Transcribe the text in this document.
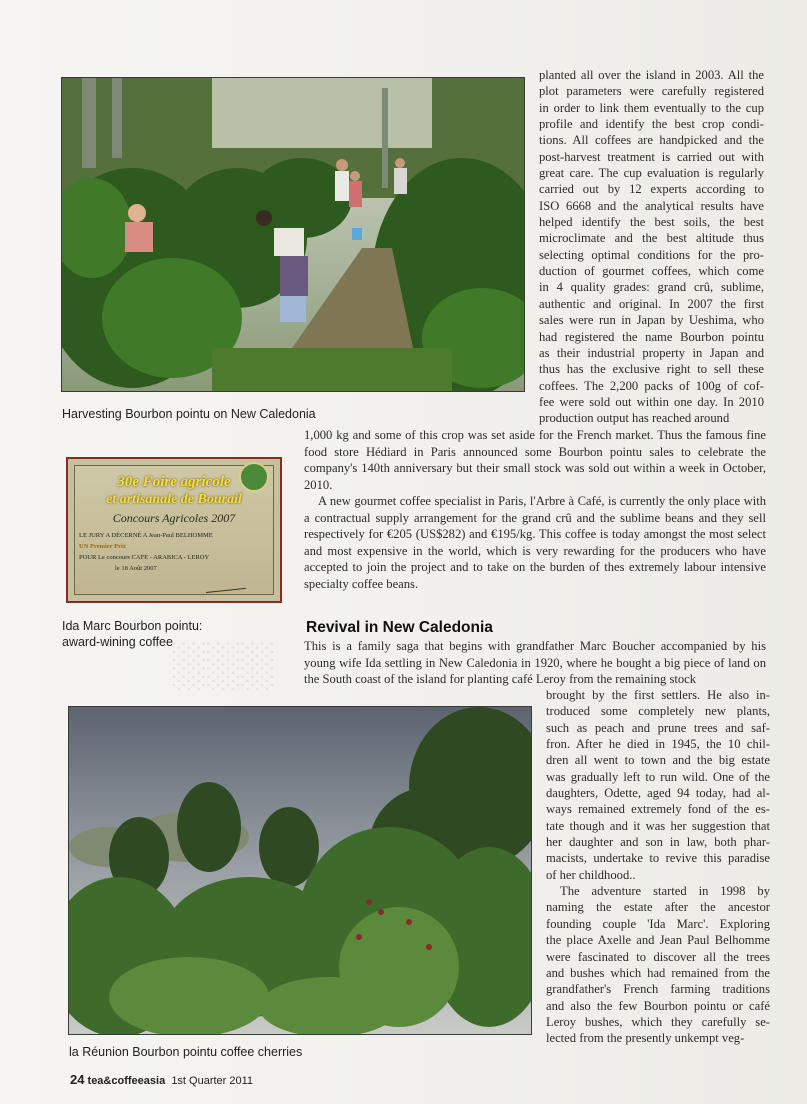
░░░
Harvesting Bourbon pointu on New Caledonia
planted all over the island in 2003. All the
plot parameters were carefully registered
in order to link them eventually to the cup
profile and identify the best crop condi-
tions. All coffees are handpicked and the
post-harvest treatment is carried out with
great care. The cup evaluation is regularly
carried out by 12 experts according to
ISO 6668 and the analytical results have
helped identify the best soils, the best
microclimate and the best altitude thus
selecting optimal conditions for the pro-
duction of gourmet coffees, which come
in 4 quality grades: grand crû, sublime,
authentic and original. In 2007 the first
sales were run in Japan by Ueshima, who
had registered the name Bourbon pointu
as their industrial property in Japan and
thus has the exclusive right to sell these
coffees. The 2,200 packs of 100g of cof-
fee were sold out within one day. In 2010
production output has reached around
30e Foire agricole
et artisanale de Bourail
Concours Agricoles 2007
LE JURY A DÉCERNÉ A Jean-Paul BELHOMME
UN Premier Prix
POUR Le concours CAFE - ARABICA - LEROY
le 18 Août 2007
Ida Marc Bourbon pointu:
award-wining coffee

1,000 kg and some of this crop was set aside for the French market. Thus the famous fine food store Hédiard in Paris announced some Bourbon pointu sales to celebrate the company's 140th anniversary but their small stock was sold out within a week in October, 2010.

A new gourmet coffee specialist in Paris, l'Arbre à Café, is currently the only place with a contractual supply arrangement for the grand crû and the sublime beans and they sell respectively for €205 (US$282) and €195/kg. This coffee is today amongst the most select and most expensive in the world, which is very rewarding for the producers who have accepted to join the project and to take on the burden of thes extremely labour intensive specialty coffee beans.

Revival in New Caledonia

This is a family saga that begins with grandfather Marc Boucher accompanied by his young wife Ida settling in New Caledonia in 1920, where he bought a big piece of land on the South coast of the island for planting café Leroy from the remaining stock

la Réunion Bourbon pointu coffee cherries
brought by the first settlers. He also in-
troduced some completely new plants,
such as peach and prune trees and saf-
fron. After he died in 1945, the 10 chil-
dren all went to town and the big estate
was gradually left to run wild. One of the
daughters, Odette, aged 94 today, had al-
ways remained extremely fond of the es-
tate though and it was her suggestion that
her daughter and son in law, both phar-
macists, undertake to revive this paradise
of her childhood..
The adventure started in 1998 by
naming the estate after the ancestor
founding couple 'Ida Marc'. Exploring
the place Axelle and Jean Paul Belhomme
were fascinated to discover all the trees
and bushes which had remained from the
grandfather's French farming traditions
and also the few Bourbon pointu or café
Leroy bushes, which they carefully se-
lected from the presently unkempt veg-
24 tea&coffeeasia 1st Quarter 2011
